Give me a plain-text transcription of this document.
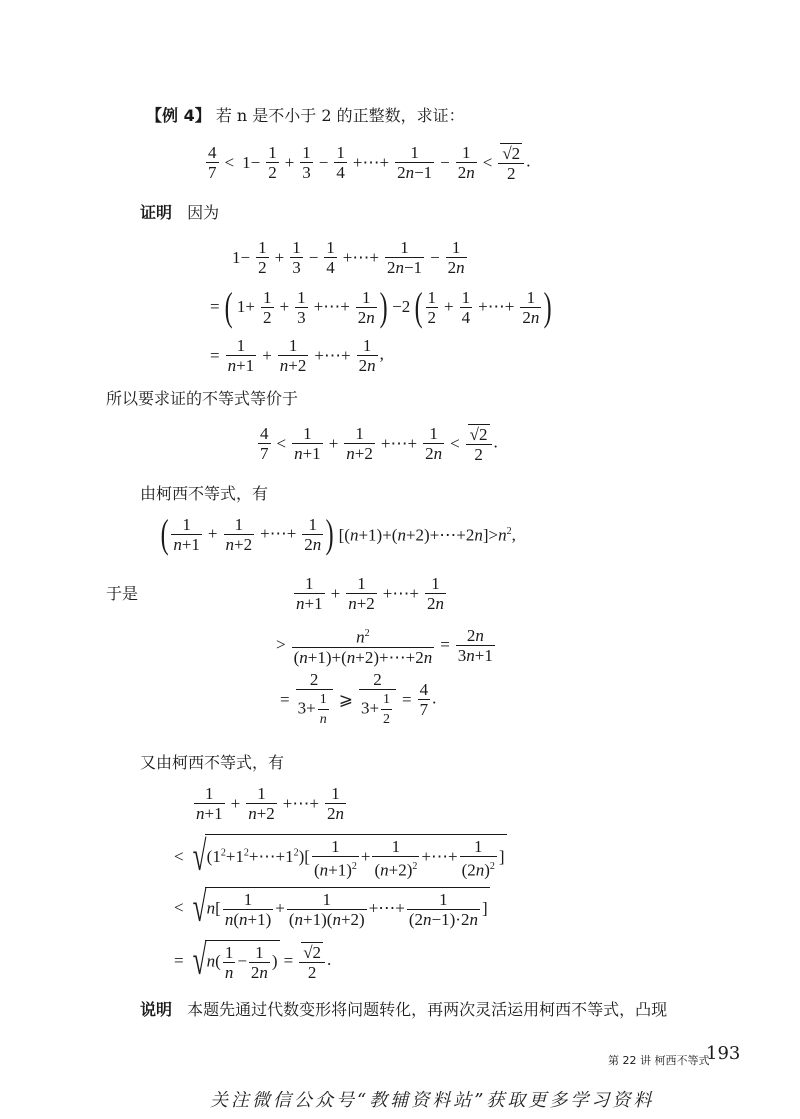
【例 4】 若 n 是不小于 2 的正整数，求证：
$\frac{4}{7} < 1- \frac{1}{2} + \frac{1}{3} - \frac{1}{4}$ +⋯+ $\frac{1}{2n-1} - \frac{1}{2n} < \frac{√2}{2}$ .
证明 因为
$1- \frac{1}{2} + \frac{1}{3} - \frac{1}{4}$ +⋯+ $\frac{1}{2n-1} - \frac{1}{2n}$
= ( $1+ \frac{1}{2} + \frac{1}{3}$ +⋯+ $\frac{1}{2n}$ ) −2 ( $\frac{1}{2} + \frac{1}{4}$ +⋯+ $\frac{1}{2n}$ )
= $\frac{1}{n+1} + \frac{1}{n+2}$ +⋯+ $\frac{1}{2n}$ ,
所以要求证的不等式等价于
$\frac{4}{7} < \frac{1}{n+1} + \frac{1}{n+2}$ +⋯+ $\frac{1}{2n} < \frac{√2}{2}$ .
由柯西不等式，有
( $\frac{1}{n+1} + \frac{1}{n+2}$ +⋯+ $\frac{1}{2n}$ ) $[(n+1)+(n+2)+\cdots+2n]>n^2$,
于是	$\frac{1}{n+1} + \frac{1}{n+2}$ +⋯+ $\frac{1}{2n}$
> $\frac{n^2}{(n+1)+(n+2)+\cdots+2n} = \frac{2n}{3n+1}$
= $\frac{2}{3+ \frac{1}{n}}$ ⩾ $\frac{2}{3+ \frac{1}{2}} = \frac{4}{7}$ .
又由柯西不等式，有
$\frac{1}{n+1} + \frac{1}{n+2}$ +⋯+ $\frac{1}{2n}$
< $√(1^2+1^2+\cdots+1^2)[ \frac{1}{(n+1)^2} + \frac{1}{(n+2)^2}$ +⋯+ $\frac{1}{(2n)^2}$ ]
< $√n[ \frac{1}{n(n+1)} + \frac{1}{(n+1)(n+2)}$ +⋯+ $\frac{1}{(2n-1)\cdot 2n}$ ]
= $√n( \frac{1}{n} - \frac{1}{2n}$ ) = $\frac{√2}{2}$ .
说明 本题先通过代数变形将问题转化，再两次灵活运用柯西不等式，凸现
第 22 讲 柯西不等式
193
关注微信公众号“教辅资料站”获取更多学习资料
